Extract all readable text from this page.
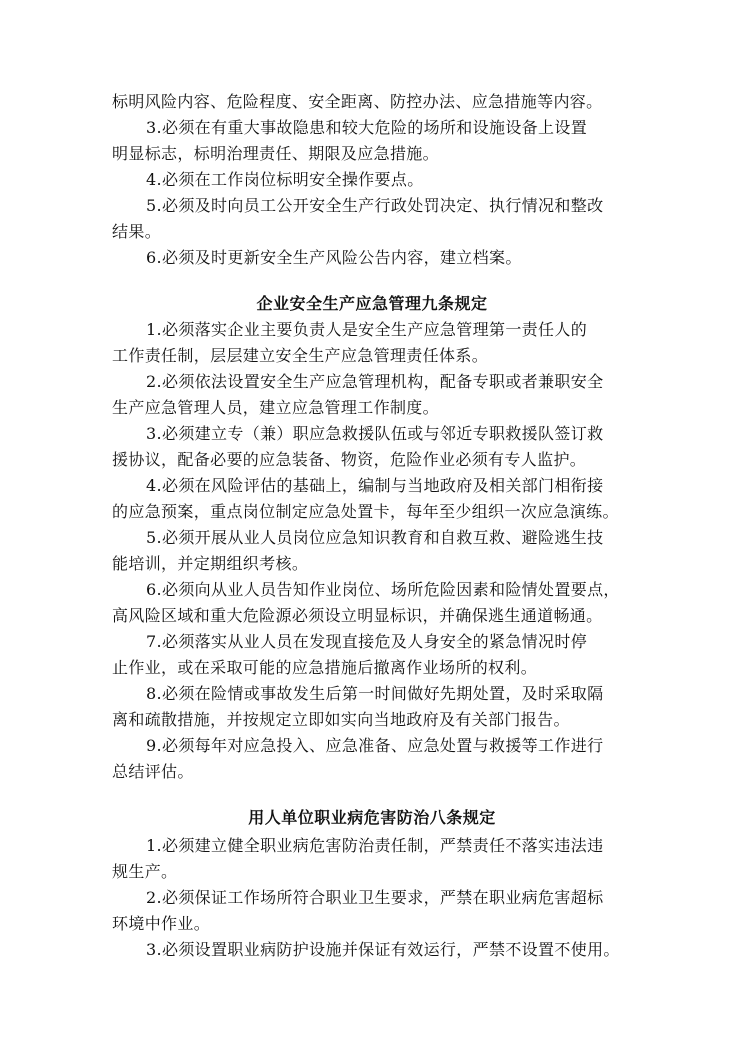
标明风险内容、危险程度、安全距离、防控办法、应急措施等内容。
3.必须在有重大事故隐患和较大危险的场所和设施设备上设置
明显标志，标明治理责任、期限及应急措施。
4.必须在工作岗位标明安全操作要点。
5.必须及时向员工公开安全生产行政处罚决定、执行情况和整改
结果。
6.必须及时更新安全生产风险公告内容，建立档案。
企业安全生产应急管理九条规定
1.必须落实企业主要负责人是安全生产应急管理第一责任人的
工作责任制，层层建立安全生产应急管理责任体系。
2.必须依法设置安全生产应急管理机构，配备专职或者兼职安全
生产应急管理人员，建立应急管理工作制度。
3.必须建立专（兼）职应急救援队伍或与邻近专职救援队签订救
援协议，配备必要的应急装备、物资，危险作业必须有专人监护。
4.必须在风险评估的基础上，编制与当地政府及相关部门相衔接
的应急预案，重点岗位制定应急处置卡，每年至少组织一次应急演练。
5.必须开展从业人员岗位应急知识教育和自救互救、避险逃生技
能培训，并定期组织考核。
6.必须向从业人员告知作业岗位、场所危险因素和险情处置要点，
高风险区域和重大危险源必须设立明显标识，并确保逃生通道畅通。
7.必须落实从业人员在发现直接危及人身安全的紧急情况时停
止作业，或在采取可能的应急措施后撤离作业场所的权利。
8.必须在险情或事故发生后第一时间做好先期处置，及时采取隔
离和疏散措施，并按规定立即如实向当地政府及有关部门报告。
9.必须每年对应急投入、应急准备、应急处置与救援等工作进行
总结评估。
用人单位职业病危害防治八条规定
1.必须建立健全职业病危害防治责任制，严禁责任不落实违法违
规生产。
2.必须保证工作场所符合职业卫生要求，严禁在职业病危害超标
环境中作业。
3.必须设置职业病防护设施并保证有效运行，严禁不设置不使用。
